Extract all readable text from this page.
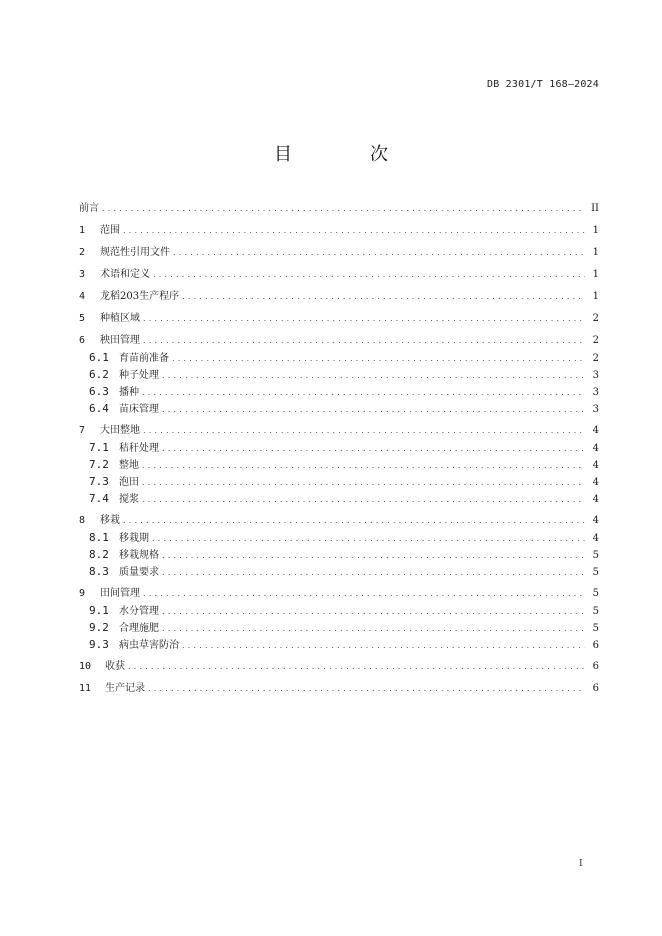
DB 2301/T 168—2024
目　次
前言 .....	II
1	范围 .....	1
2	规范性引用文件 .....	1
3	术语和定义 .....	1
4	龙稻203生产程序 .....	1
5	种植区域 .....	2
6	秧田管理 .....	2
6.1	育苗前准备 .....	2
6.2	种子处理 .....	3
6.3	播种 .....	3
6.4	苗床管理 .....	3
7	大田整地 .....	4
7.1	秸秆处理 .....	4
7.2	整地 .....	4
7.3	泡田 .....	4
7.4	搅浆 .....	4
8	移栽 .....	4
8.1	移栽期 .....	4
8.2	移栽规格 .....	5
8.3	质量要求 .....	5
9	田间管理 .....	5
9.1	水分管理 .....	5
9.2	合理施肥 .....	5
9.3	病虫草害防治 .....	6
10	收获 .....	6
11	生产记录 .....	6
I
